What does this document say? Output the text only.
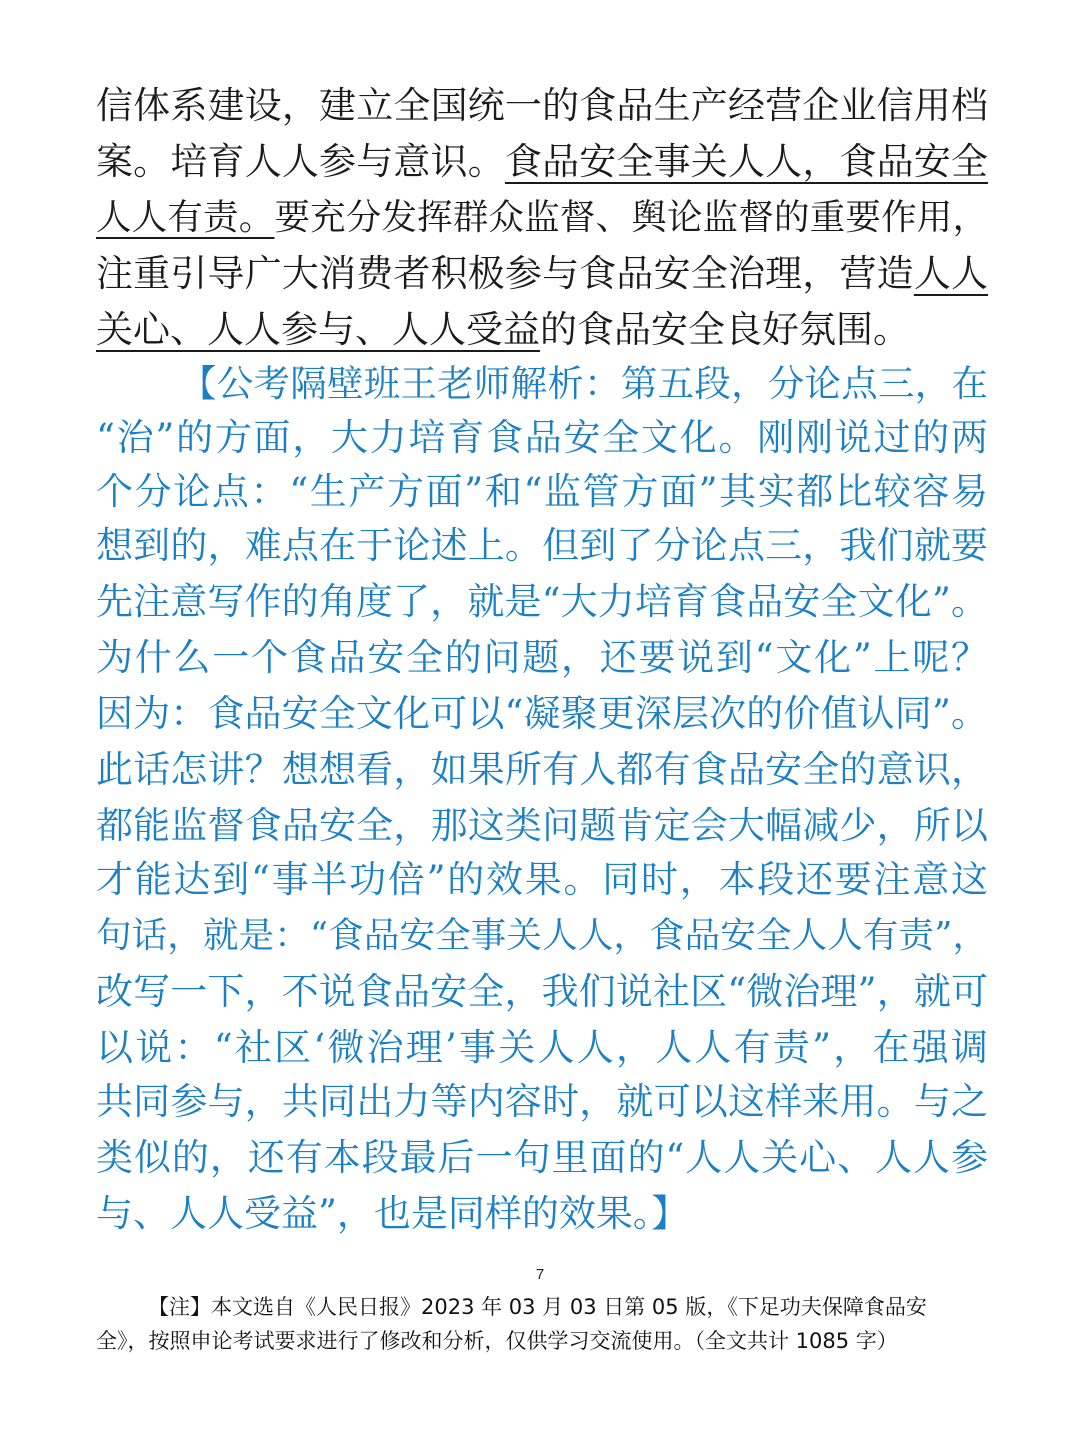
信体系建设，建立全国统一的食品生产经营企业信用档
案。培育人人参与意识。食品安全事关人人，食品安全
人人有责。要充分发挥群众监督、舆论监督的重要作用，
注重引导广大消费者积极参与食品安全治理，营造人人
关心、人人参与、人人受益的食品安全良好氛围。
【公考隔壁班王老师解析：第五段，分论点三，在
“治”的方面，大力培育食品安全文化。刚刚说过的两
个分论点：“生产方面”和“监管方面”其实都比较容易
想到的，难点在于论述上。但到了分论点三，我们就要
先注意写作的角度了，就是“大力培育食品安全文化”。
为什么一个食品安全的问题，还要说到“文化”上呢？
因为：食品安全文化可以“凝聚更深层次的价值认同”。
此话怎讲？想想看，如果所有人都有食品安全的意识，
都能监督食品安全，那这类问题肯定会大幅减少，所以
才能达到“事半功倍”的效果。同时，本段还要注意这
句话，就是：“食品安全事关人人，食品安全人人有责”，
改写一下，不说食品安全，我们说社区“微治理”，就可
以说：“社区‘微治理’事关人人，人人有责”，在强调
共同参与，共同出力等内容时，就可以这样来用。与之
类似的，还有本段最后一句里面的“人人关心、人人参
与、人人受益”，也是同样的效果。】
7
【注】本文选自《人民日报》2023 年 03 月 03 日第 05 版，《下足功夫保障食品安
全》，按照申论考试要求进行了修改和分析，仅供学习交流使用。（全文共计 1085 字）
